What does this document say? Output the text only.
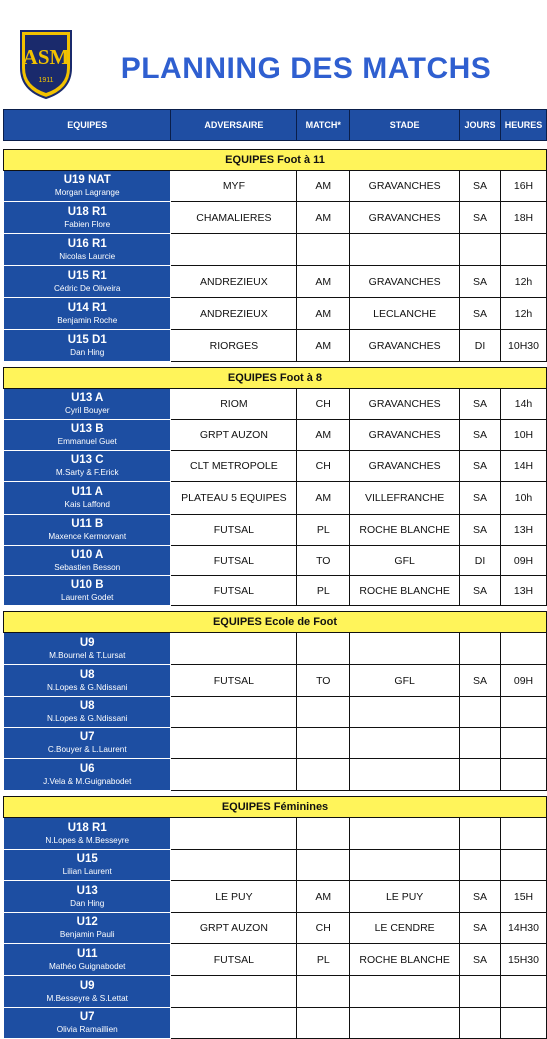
ASM
1911	PLANNING DES MATCHS
EQUIPES	ADVERSAIRE	MATCH*	STADE	JOURS	HEURES

EQUIPES Foot à 11					

U19 NAT
Morgan Lagrange	MYF	AM	GRAVANCHES	SA	16H

U18 R1
Fabien Flore	CHAMALIERES	AM	GRAVANCHES	SA	18H

U16 R1
Nicolas Laurcie					

U15 R1
Cédric De Oliveira	ANDREZIEUX	AM	GRAVANCHES	SA	12h

U14 R1
Benjamin Roche	ANDREZIEUX	AM	LECLANCHE	SA	12h

U15 D1
Dan Hing	RIORGES	AM	GRAVANCHES	DI	10H30

EQUIPES Foot à 8					

U13 A
Cyril Bouyer	RIOM	CH	GRAVANCHES	SA	14h

U13 B
Emmanuel Guet	GRPT AUZON	AM	GRAVANCHES	SA	10H

U13 C
M.Sarty & F.Erick	CLT METROPOLE	CH	GRAVANCHES	SA	14H

U11 A
Kais Laffond	PLATEAU 5 EQUIPES	AM	VILLEFRANCHE	SA	10h

U11 B
Maxence Kermorvant	FUTSAL	PL	ROCHE BLANCHE	SA	13H

U10 A
Sebastien Besson	FUTSAL	TO	GFL	DI	09H

U10 B
Laurent Godet	FUTSAL	PL	ROCHE BLANCHE	SA	13H

EQUIPES Ecole de Foot					

U9
M.Bournel & T.Lursat					

U8
N.Lopes & G.Ndissani	FUTSAL	TO	GFL	SA	09H

U8
N.Lopes & G.Ndissani					

U7
C.Bouyer & L.Laurent					

U6
J.Vela & M.Guignabodet					

EQUIPES Féminines					

U18 R1
N.Lopes & M.Besseyre					

U15
Lilian Laurent					

U13
Dan Hing	LE PUY	AM	LE PUY	SA	15H

U12
Benjamin Pauli	GRPT AUZON	CH	LE CENDRE	SA	14H30

U11
Mathéo Guignabodet	FUTSAL	PL	ROCHE BLANCHE	SA	15H30

U9
M.Besseyre & S.Lettat					

U7
Olivia Ramaillien					
